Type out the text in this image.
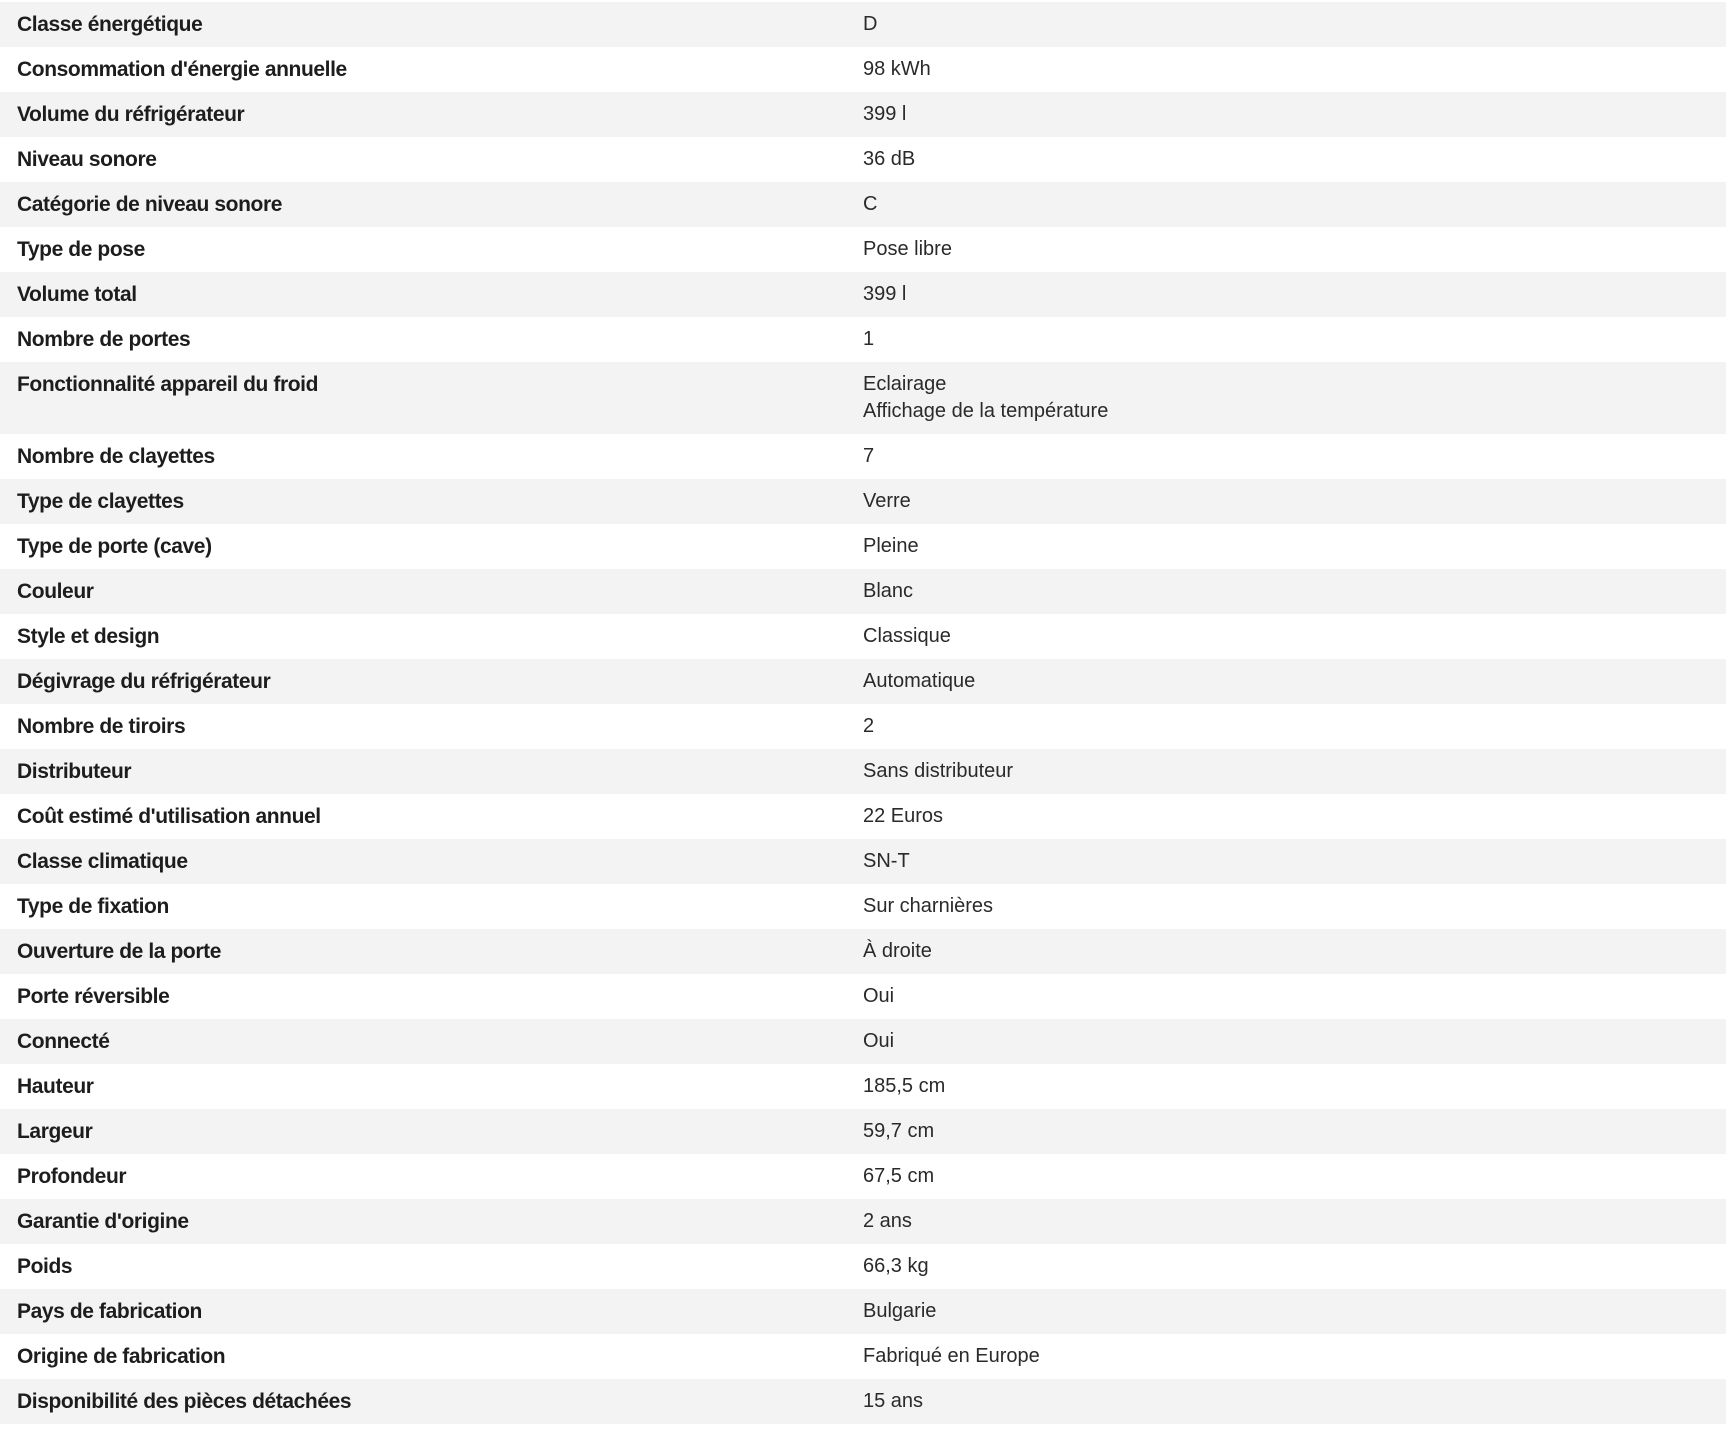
Classe énergétique	D
Consommation d'énergie annuelle	98 kWh
Volume du réfrigérateur	399 l
Niveau sonore	36 dB
Catégorie de niveau sonore	C
Type de pose	Pose libre
Volume total	399 l
Nombre de portes	1
Fonctionnalité appareil du froid	Eclairage
Affichage de la température
Nombre de clayettes	7
Type de clayettes	Verre
Type de porte (cave)	Pleine
Couleur	Blanc
Style et design	Classique
Dégivrage du réfrigérateur	Automatique
Nombre de tiroirs	2
Distributeur	Sans distributeur
Coût estimé d'utilisation annuel	22 Euros
Classe climatique	SN-T
Type de fixation	Sur charnières
Ouverture de la porte	À droite
Porte réversible	Oui
Connecté	Oui
Hauteur	185,5 cm
Largeur	59,7 cm
Profondeur	67,5 cm
Garantie d'origine	2 ans
Poids	66,3 kg
Pays de fabrication	Bulgarie
Origine de fabrication	Fabriqué en Europe
Disponibilité des pièces détachées	15 ans
